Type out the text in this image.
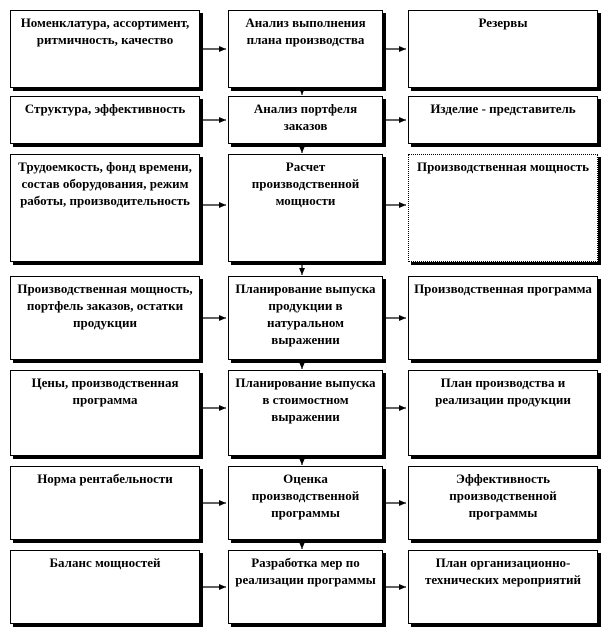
Номенклатура, ассортимент, ритмичность, качество
Анализ выполнения плана производства
Резервы
Структура, эффективность	Анализ портфеля заказов
Изделие - представитель
Трудоемкость, фонд времени, состав оборудования, режим работы, производительность
Расчет производственной мощности
Производственная мощность
Производственная мощность, портфель заказов, остатки продукции
Планирование выпуска продукции в натуральном выражении
Производственная программа
Цены, производственная программа
Планирование выпуска в стоимостном выражении
План производства и реализации продукции
Норма рентабельности	Оценка производственной программы
Эффективность производственной программы
Баланс мощностей	Разработка мер по реализации программы
План организационно-технических мероприятий
